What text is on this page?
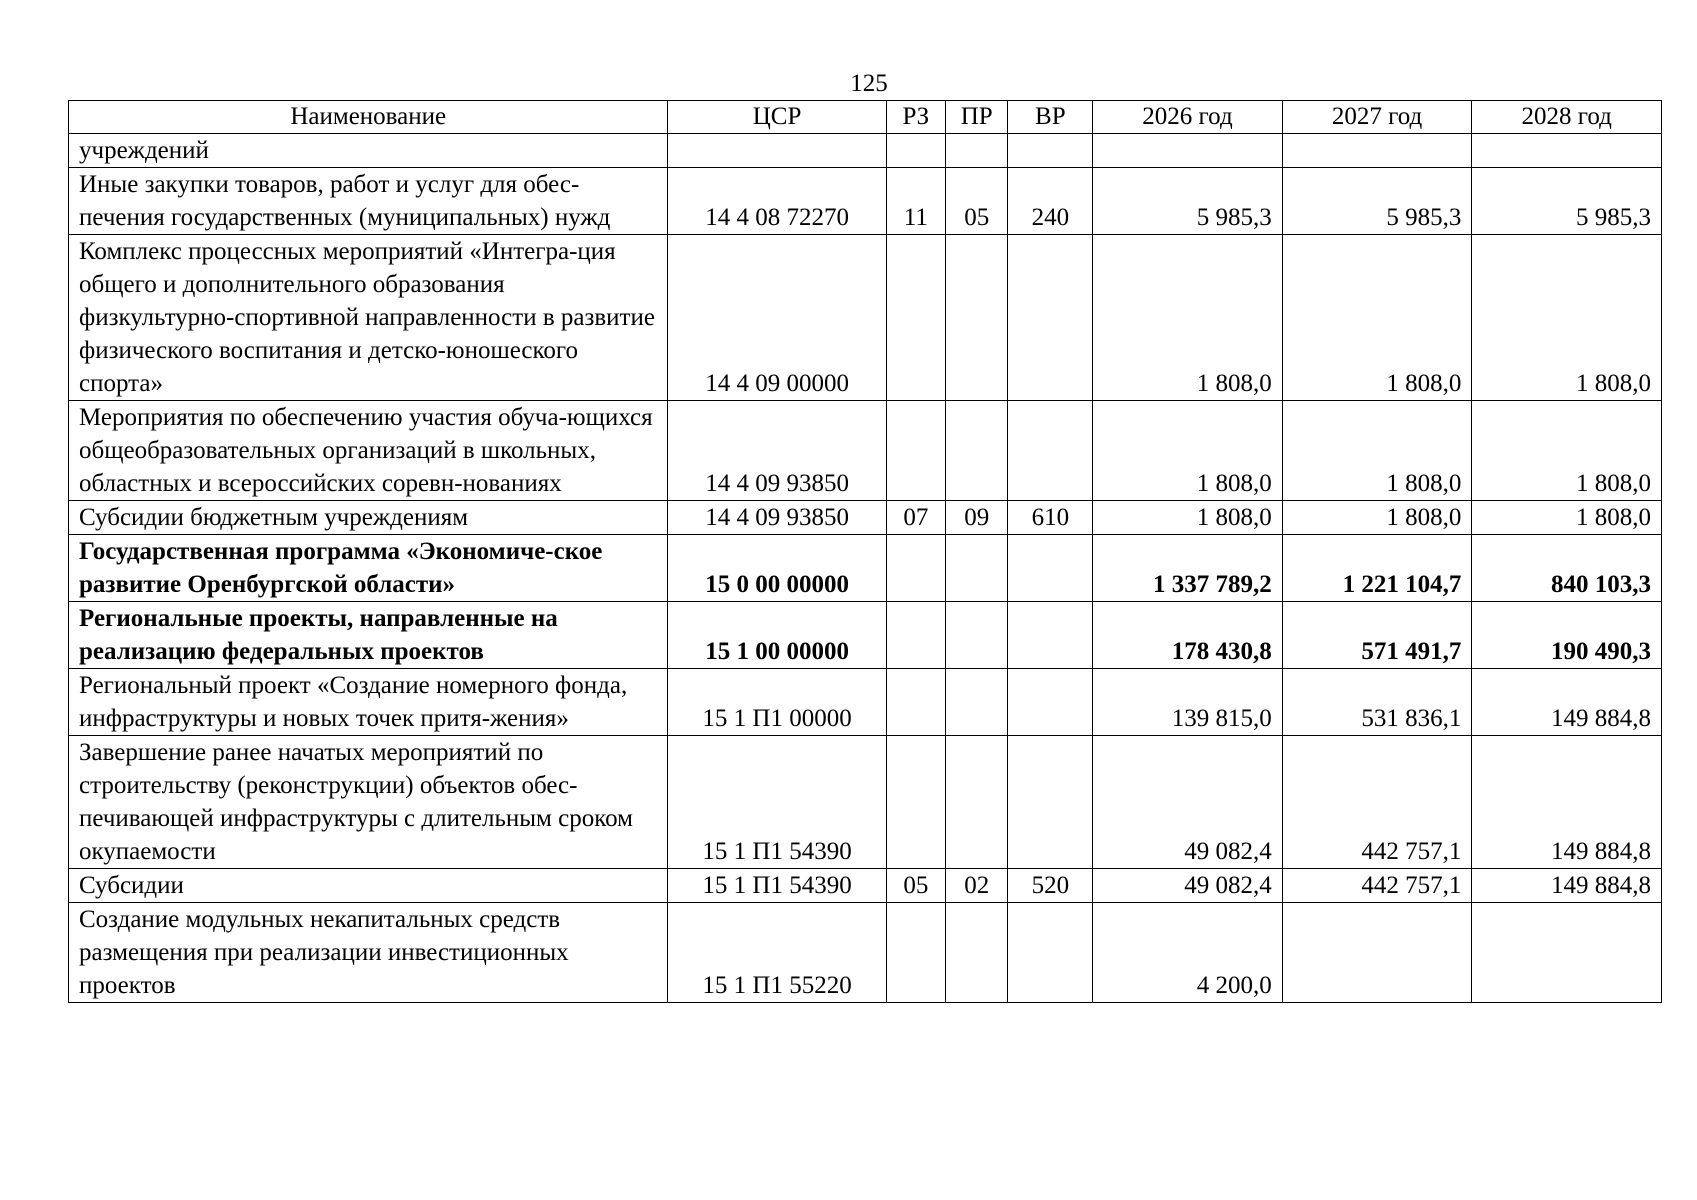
125
Наименование	ЦСР	РЗ	ПР	ВР	2026 год	2027 год	2028 год
учреждений							
Иные закупки товаров, работ и услуг для обес-печения государственных (муниципальных) нужд	14 4 08 72270	11	05	240	5 985,3	5 985,3	5 985,3
Комплекс процессных мероприятий «Интегра-ция общего и дополнительного образования физкультурно-спортивной направленности в развитие физического воспитания и детско-юношеского спорта»	14 4 09 00000				1 808,0	1 808,0	1 808,0
Мероприятия по обеспечению участия обуча-ющихся общеобразовательных организаций в школьных, областных и всероссийских соревн-нованиях	14 4 09 93850				1 808,0	1 808,0	1 808,0
Субсидии бюджетным учреждениям	14 4 09 93850	07	09	610	1 808,0	1 808,0	1 808,0
Государственная программа «Экономиче-ское развитие Оренбургской области»	15 0 00 00000				1 337 789,2	1 221 104,7	840 103,3
Региональные проекты, направленные на реализацию федеральных проектов	15 1 00 00000				178 430,8	571 491,7	190 490,3
Региональный проект «Создание номерного фонда, инфраструктуры и новых точек притя-жения»	15 1 П1 00000				139 815,0	531 836,1	149 884,8
Завершение ранее начатых мероприятий по строительству (реконструкции) объектов обес-печивающей инфраструктуры с длительным сроком окупаемости	15 1 П1 54390				49 082,4	442 757,1	149 884,8
Субсидии	15 1 П1 54390	05	02	520	49 082,4	442 757,1	149 884,8
Создание модульных некапитальных средств размещения при реализации инвестиционных проектов	15 1 П1 55220				4 200,0		
